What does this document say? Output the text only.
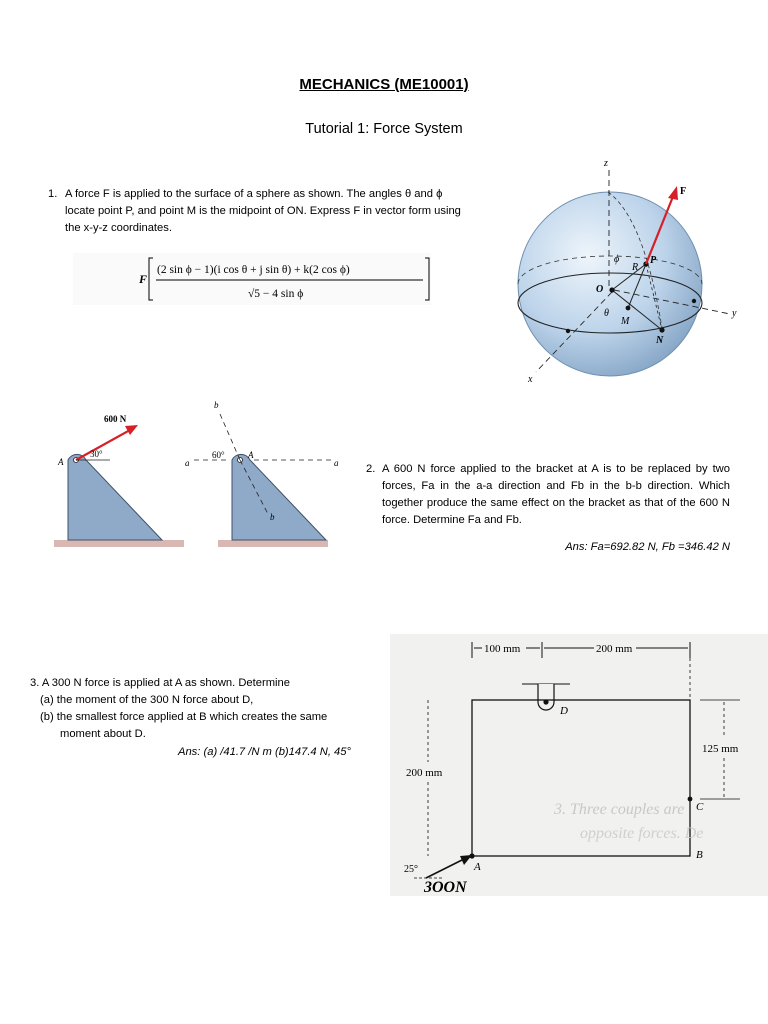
MECHANICS (ME10001)
Tutorial 1: Force System
1. A force F is applied to the surface of a sphere as shown. The angles θ and ϕ locate point P, and point M is the midpoint of ON. Express F in vector form using the x-y-z coordinates.
F
(2 sin ϕ − 1)(i cos θ + j sin θ) + k(2 cos ϕ)
√5 − 4 sin ϕ
z
y
x
F
O
P
R
M
N
θ
ϕ
600 N
A
30°
b
b
a	a
60°	A
2. A 600 N force applied to the bracket at A is to be replaced by two forces, Fa in the a-a direction and Fb in the b-b direction. Which together produce the same effect on the bracket as that of the 600 N force. Determine Fa and Fb.
Ans: Fa=692.82 N, Fb =346.42 N
3. A 300 N force is applied at A as shown. Determine
(a) the moment of the 300 N force about D,
(b) the smallest force applied at B which creates the same
moment about D.
Ans: (a) /41.7 /N m (b)147.4 N, 45°
100 mm	200 mm
D
125 mm
C
B
200 mm
3. Three couples are
opposite forces. De
A
25°
3OON
